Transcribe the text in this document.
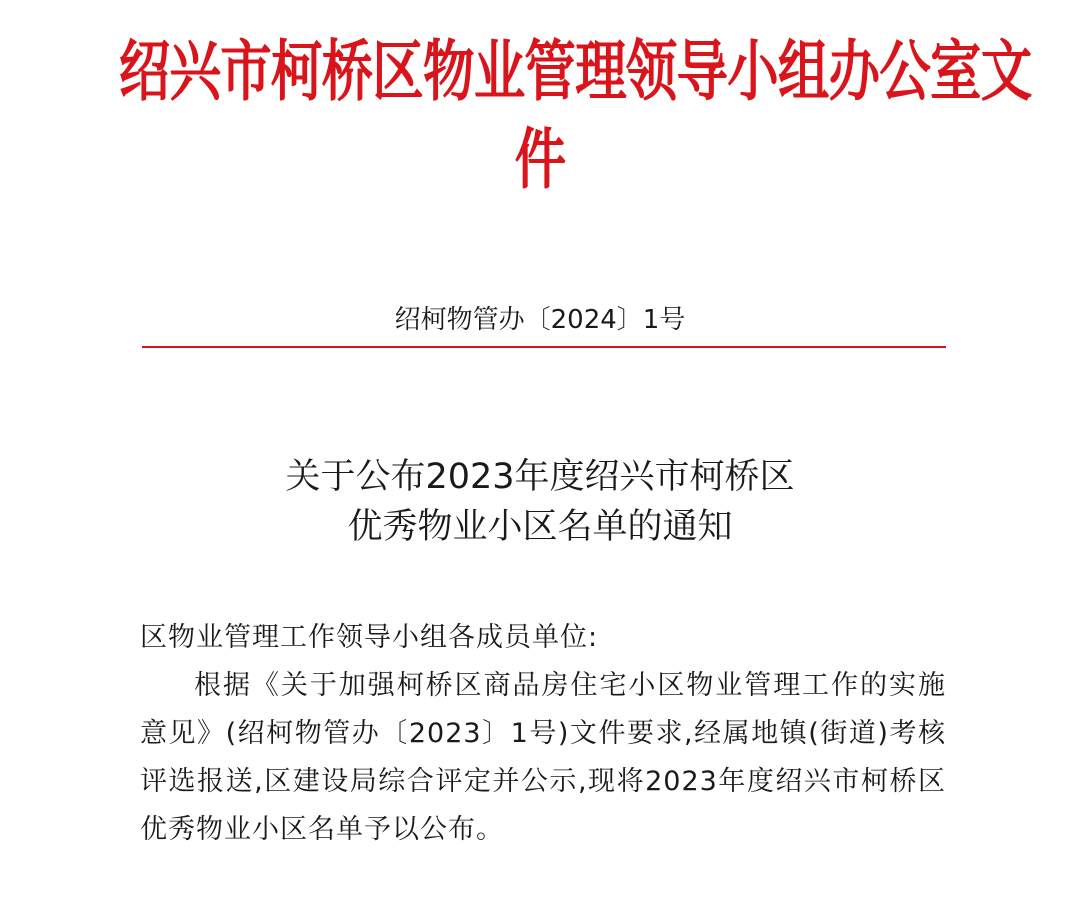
绍兴市柯桥区物业管理领导小组办公室文
件
绍柯物管办〔2024〕1号
关于公布2023年度绍兴市柯桥区
优秀物业小区名单的通知

区物业管理工作领导小组各成员单位:

根据《关于加强柯桥区商品房住宅小区物业管理工作的实施意见》(绍柯物管办〔2023〕1号)文件要求,经属地镇(街道)考核评选报送,区建设局综合评定并公示,现将2023年度绍兴市柯桥区优秀物业小区名单予以公布。
